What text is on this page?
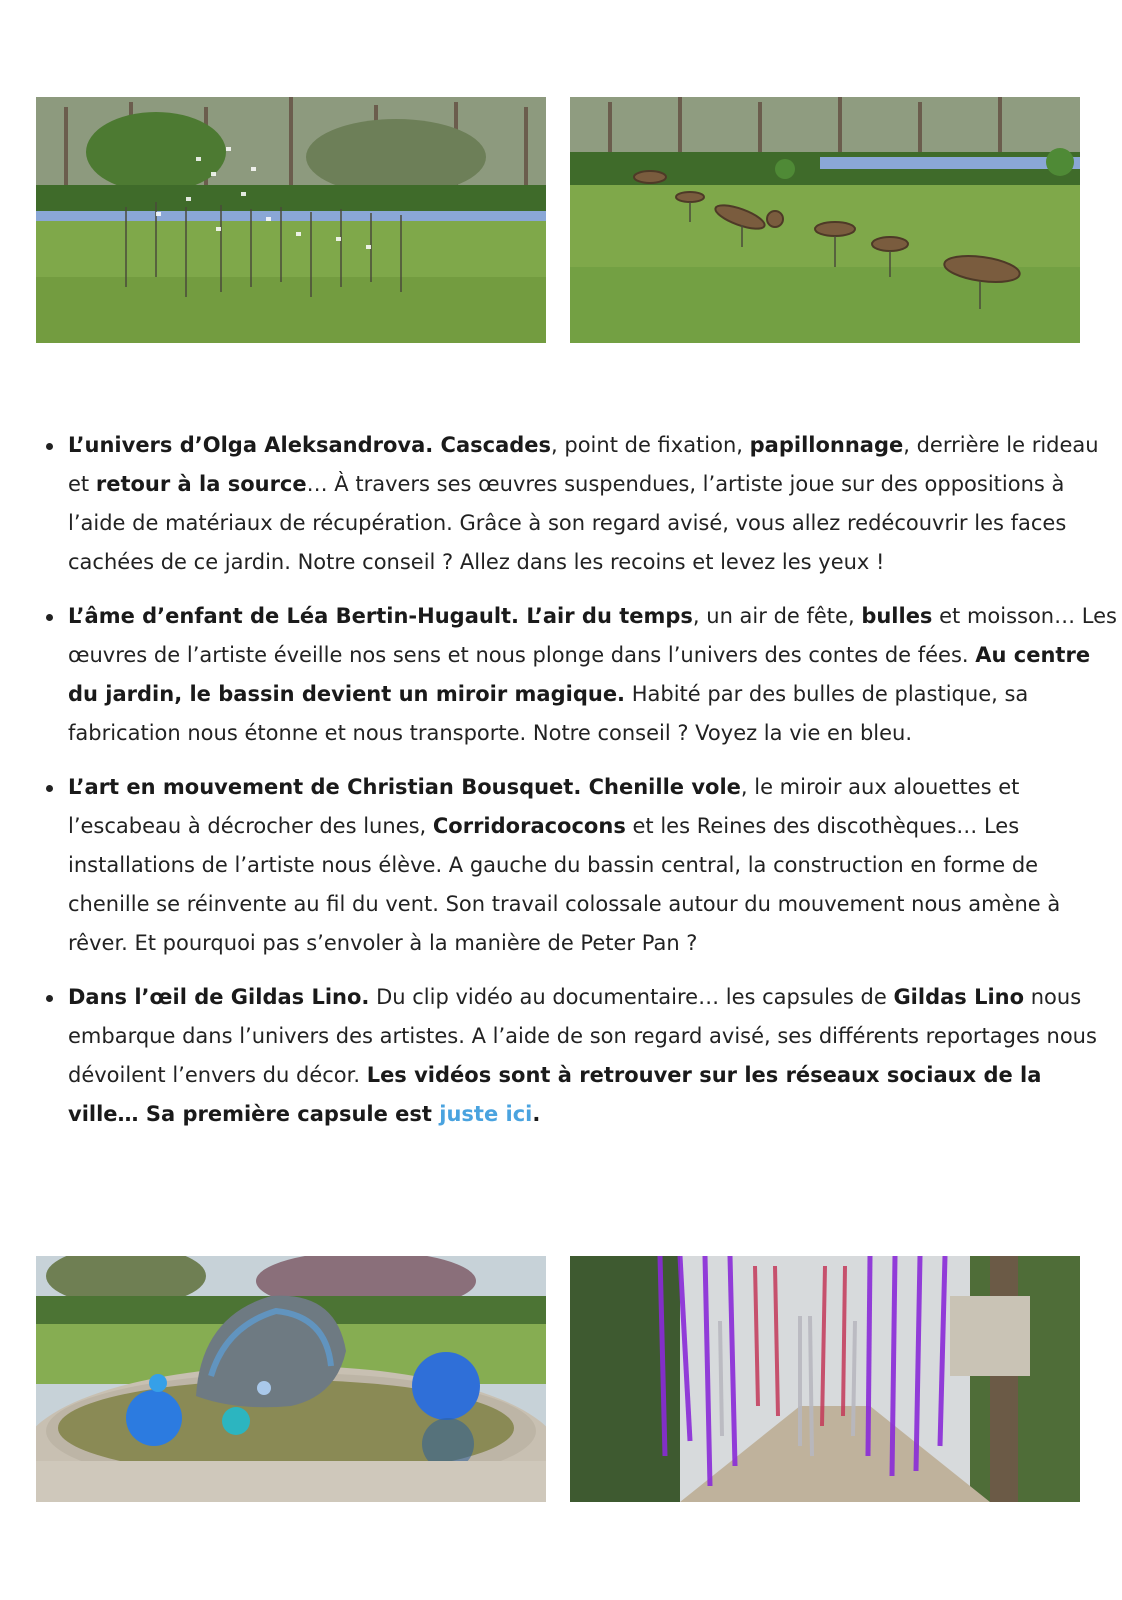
L’univers d’Olga Aleksandrova. Cascades, point de fixation, papillonnage, derrière le rideau et retour à la source… À travers ses œuvres suspendues, l’artiste joue sur des oppositions à l’aide de matériaux de récupération. Grâce à son regard avisé, vous allez redécouvrir les faces cachées de ce jardin. Notre conseil ? Allez dans les recoins et levez les yeux !
L’âme d’enfant de Léa Bertin-Hugault. L’air du temps, un air de fête, bulles et moisson… Les œuvres de l’artiste éveille nos sens et nous plonge dans l’univers des contes de fées. Au centre du jardin, le bassin devient un miroir magique. Habité par des bulles de plastique, sa fabrication nous étonne et nous transporte. Notre conseil ? Voyez la vie en bleu.
L’art en mouvement de Christian Bousquet. Chenille vole, le miroir aux alouettes et l’escabeau à décrocher des lunes, Corridoracocons et les Reines des discothèques… Les installations de l’artiste nous élève. A gauche du bassin central, la construction en forme de chenille se réinvente au fil du vent. Son travail colossale autour du mouvement nous amène à rêver. Et pourquoi pas s’envoler à la manière de Peter Pan ?
Dans l’œil de Gildas Lino. Du clip vidéo au documentaire… les capsules de Gildas Lino nous embarque dans l’univers des artistes. A l’aide de son regard avisé, ses différents reportages nous dévoilent l’envers du décor. Les vidéos sont à retrouver sur les réseaux sociaux de la ville… Sa première capsule est juste ici.
